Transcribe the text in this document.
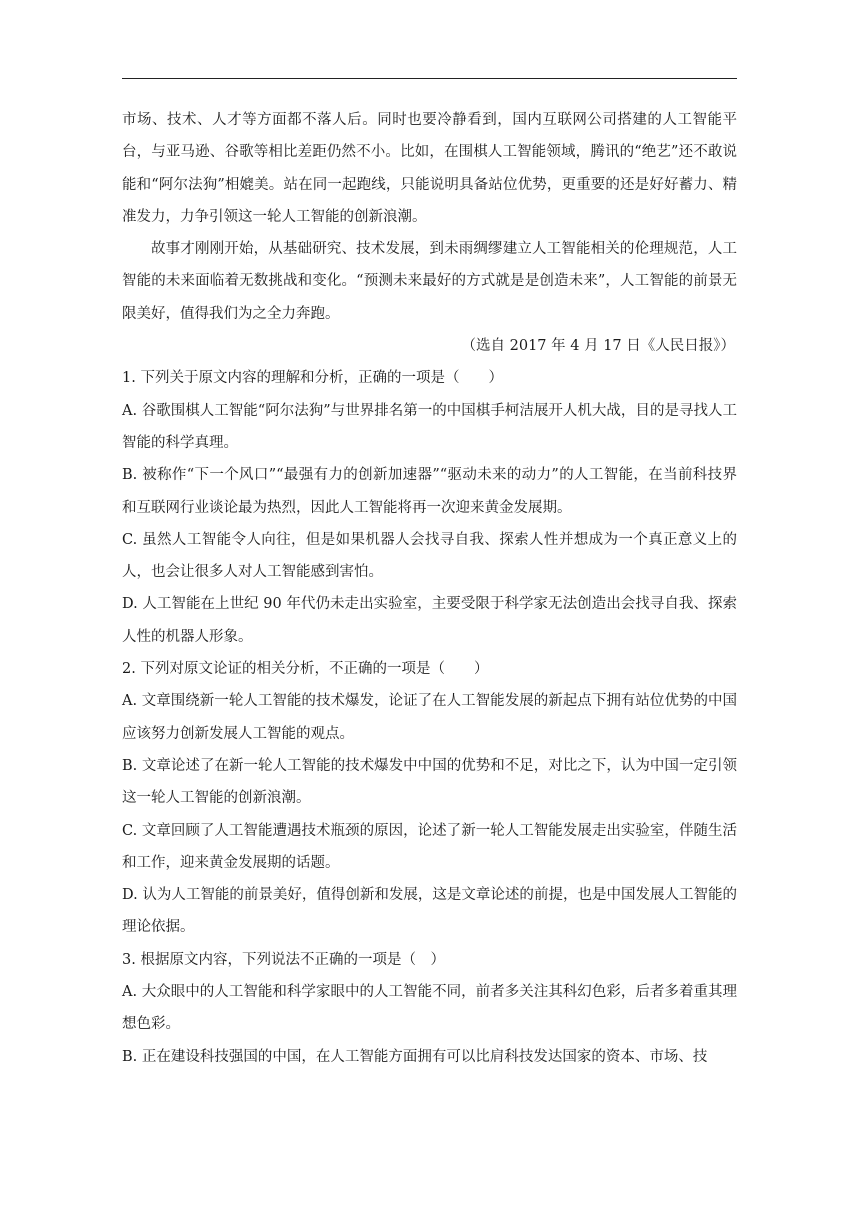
市场、技术、人才等方面都不落人后。同时也要冷静看到，国内互联网公司搭建的人工智能平台，与亚马逊、谷歌等相比差距仍然不小。比如，在围棋人工智能领域，腾讯的“绝艺”还不敢说能和“阿尔法狗”相媲美。站在同一起跑线，只能说明具备站位优势，更重要的还是好好蓄力、精准发力，力争引领这一轮人工智能的创新浪潮。

故事才刚刚开始，从基础研究、技术发展，到未雨绸缪建立人工智能相关的伦理规范，人工智能的未来面临着无数挑战和变化。“预测未来最好的方式就是是创造未来”，人工智能的前景无限美好，值得我们为之全力奔跑。

（选自 2017 年 4 月 17 日《人民日报》）

1. 下列关于原文内容的理解和分析，正确的一项是（　　）

A. 谷歌围棋人工智能“阿尔法狗”与世界排名第一的中国棋手柯洁展开人机大战，目的是寻找人工智能的科学真理。

B. 被称作“下一个风口”“最强有力的创新加速器”“驱动未来的动力”的人工智能，在当前科技界和互联网行业谈论最为热烈，因此人工智能将再一次迎来黄金发展期。

C. 虽然人工智能令人向往，但是如果机器人会找寻自我、探索人性并想成为一个真正意义上的人，也会让很多人对人工智能感到害怕。

D. 人工智能在上世纪 90 年代仍未走出实验室，主要受限于科学家无法创造出会找寻自我、探索人性的机器人形象。

2. 下列对原文论证的相关分析，不正确的一项是（　　）

A. 文章围绕新一轮人工智能的技术爆发，论证了在人工智能发展的新起点下拥有站位优势的中国应该努力创新发展人工智能的观点。

B. 文章论述了在新一轮人工智能的技术爆发中中国的优势和不足，对比之下，认为中国一定引领这一轮人工智能的创新浪潮。

C. 文章回顾了人工智能遭遇技术瓶颈的原因，论述了新一轮人工智能发展走出实验室，伴随生活和工作，迎来黄金发展期的话题。

D. 认为人工智能的前景美好，值得创新和发展，这是文章论述的前提，也是中国发展人工智能的理论依据。

3. 根据原文内容，下列说法不正确的一项是（　）

A. 大众眼中的人工智能和科学家眼中的人工智能不同，前者多关注其科幻色彩，后者多着重其理想色彩。

B. 正在建设科技强国的中国，在人工智能方面拥有可以比肩科技发达国家的资本、市场、技
